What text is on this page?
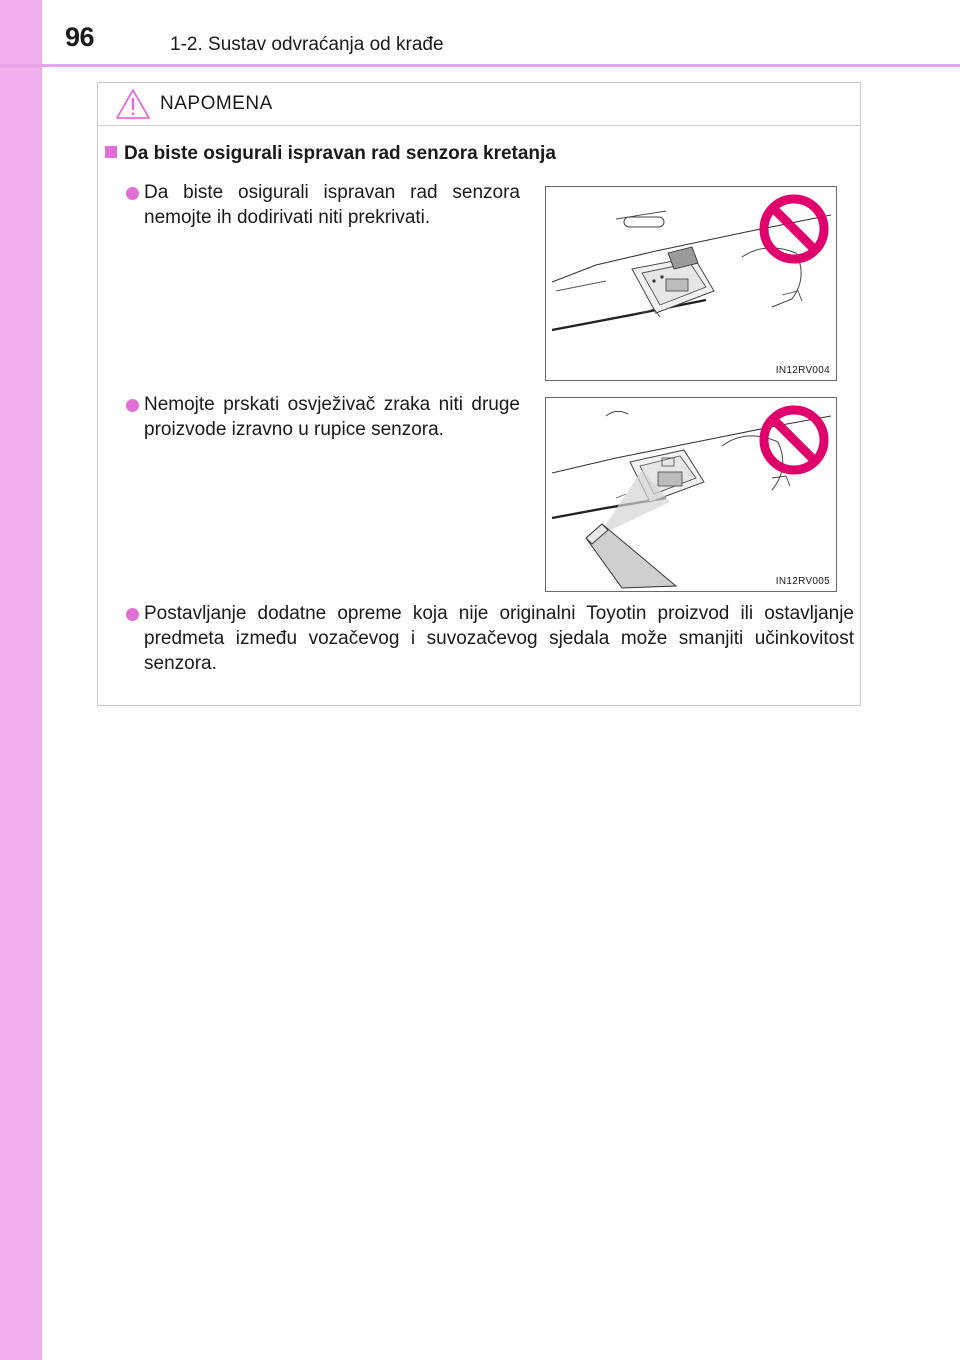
96	1-2. Sustav odvraćanja od krađe
NAPOMENA
Da biste osigurali ispravan rad senzora kretanja
Da biste osigurali ispravan rad senzora nemojte ih dodirivati niti prekrivati.
IN12RV004
Nemojte prskati osvježivač zraka niti druge proizvode izravno u rupice senzora.
IN12RV005
Postavljanje dodatne opreme koja nije originalni Toyotin proizvod ili ostavljanje predmeta između vozačevog i suvozačevog sjedala može smanjiti učinkovitost senzora.
